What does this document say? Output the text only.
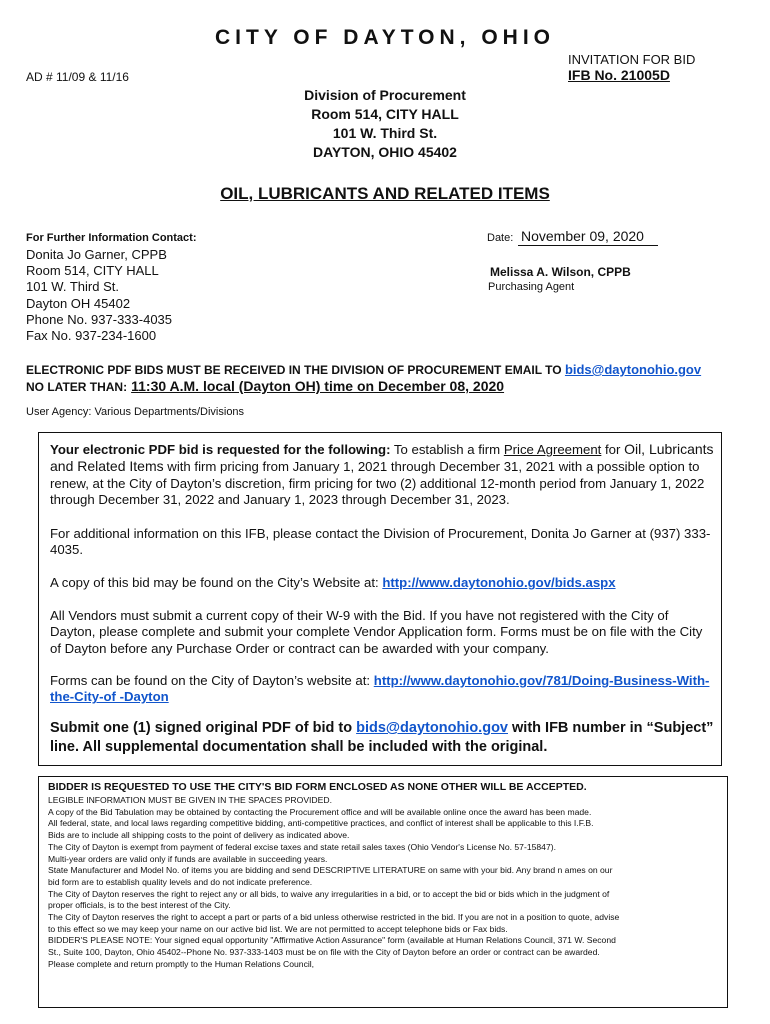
CITY OF DAYTON, OHIO
INVITATION FOR BID
IFB No. 21005D
AD # 11/09 & 11/16
Division of Procurement
Room 514, CITY HALL
101 W. Third St.
DAYTON, OHIO 45402
OIL, LUBRICANTS AND RELATED ITEMS
For Further Information Contact:
Donita Jo Garner, CPPB
Room 514, CITY HALL
101 W. Third St.
Dayton OH 45402
Phone No. 937-333-4035
Fax No. 937-234-1600
Date: November 09, 2020
Melissa A. Wilson, CPPB
Purchasing Agent
ELECTRONIC PDF BIDS MUST BE RECEIVED IN THE DIVISION OF PROCUREMENT EMAIL TO bids@daytonohio.gov
NO LATER THAN: 11:30 A.M. local (Dayton OH) time on December 08, 2020
User Agency: Various Departments/Divisions
Your electronic PDF bid is requested for the following: To establish a firm Price Agreement for Oil, Lubricants and Related Items with firm pricing from January 1, 2021 through December 31, 2021 with a possible option to renew, at the City of Dayton’s discretion, firm pricing for two (2) additional 12-month period from January 1, 2022 through December 31, 2022 and January 1, 2023 through December 31, 2023.
For additional information on this IFB, please contact the Division of Procurement, Donita Jo Garner at (937) 333-4035.
A copy of this bid may be found on the City’s Website at: http://www.daytonohio.gov/bids.aspx
All Vendors must submit a current copy of their W-9 with the Bid. If you have not registered with the City of Dayton, please complete and submit your complete Vendor Application form. Forms must be on file with the City of Dayton before any Purchase Order or contract can be awarded with your company.
Forms can be found on the City of Dayton’s website at: http://www.daytonohio.gov/781/Doing-Business-With-the-City-of -Dayton
Submit one (1) signed original PDF of bid to bids@daytonohio.gov with IFB number in “Subject” line. All supplemental documentation shall be included with the original.
BIDDER IS REQUESTED TO USE THE CITY'S BID FORM ENCLOSED AS NONE OTHER WILL BE ACCEPTED.
LEGIBLE INFORMATION MUST BE GIVEN IN THE SPACES PROVIDED.
A copy of the Bid Tabulation may be obtained by contacting the Procurement office and will be available online once the award has been made.
All federal, state, and local laws regarding competitive bidding, anti-competitive practices, and conflict of interest shall be applicable to this I.F.B.
Bids are to include all shipping costs to the point of delivery as indicated above.
The City of Dayton is exempt from payment of federal excise taxes and state retail sales taxes (Ohio Vendor's License No. 57-15847).
Multi-year orders are valid only if funds are available in succeeding years.
State Manufacturer and Model No. of items you are bidding and send DESCRIPTIVE LITERATURE on same with your bid. Any brand n ames on our
bid form are to establish quality levels and do not indicate preference.
The City of Dayton reserves the right to reject any or all bids, to waive any irregularities in a bid, or to accept the bid or bids which in the judgment of
proper officials, is to the best interest of the City.
The City of Dayton reserves the right to accept a part or parts of a bid unless otherwise restricted in the bid. If you are not in a position to quote, advise
to this effect so we may keep your name on our active bid list. We are not permitted to accept telephone bids or Fax bids.
BIDDER'S PLEASE NOTE: Your signed equal opportunity "Affirmative Action Assurance" form (available at Human Relations Council, 371 W. Second
St., Suite 100, Dayton, Ohio 45402--Phone No. 937-333-1403 must be on file with the City of Dayton before an order or contract can be awarded.
Please complete and return promptly to the Human Relations Council,
